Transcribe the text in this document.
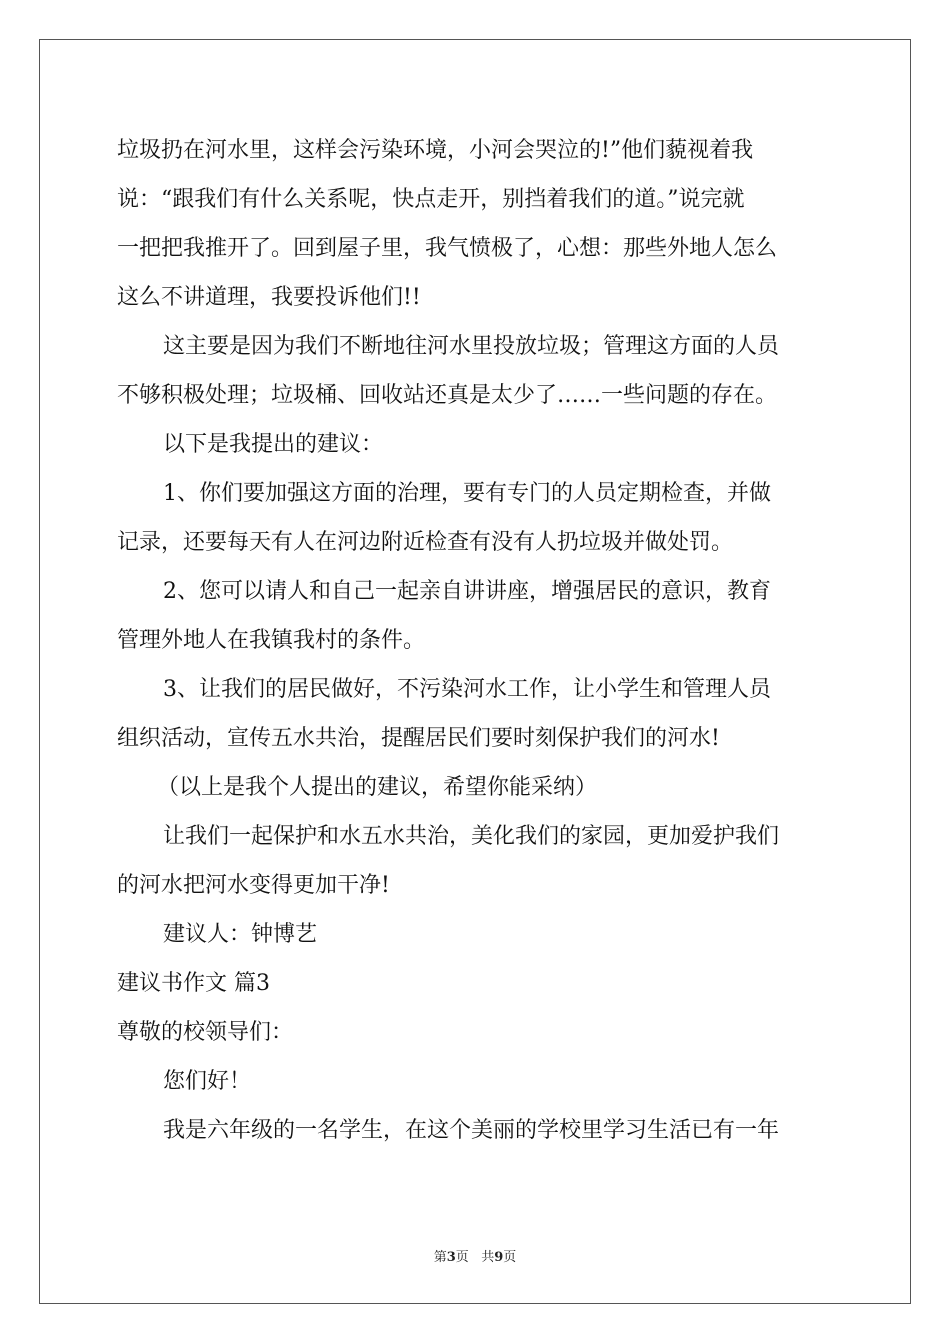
垃圾扔在河水里，这样会污染环境，小河会哭泣的!”他们藐视着我
说：“跟我们有什么关系呢，快点走开，别挡着我们的道。”说完就
一把把我推开了。回到屋子里，我气愤极了，心想：那些外地人怎么
这么不讲道理，我要投诉他们!!
这主要是因为我们不断地往河水里投放垃圾；管理这方面的人员
不够积极处理；垃圾桶、回收站还真是太少了……一些问题的存在。
以下是我提出的建议：
1、你们要加强这方面的治理，要有专门的人员定期检查，并做
记录，还要每天有人在河边附近检查有没有人扔垃圾并做处罚。
2、您可以请人和自己一起亲自讲讲座，增强居民的意识，教育
管理外地人在我镇我村的条件。
3、让我们的居民做好，不污染河水工作，让小学生和管理人员
组织活动，宣传五水共治，提醒居民们要时刻保护我们的河水!
（以上是我个人提出的建议，希望你能采纳）
让我们一起保护和水五水共治，美化我们的家园，更加爱护我们
的河水把河水变得更加干净!
建议人：钟博艺
建议书作文 篇3
尊敬的校领导们：
您们好！
我是六年级的一名学生，在这个美丽的学校里学习生活已有一年
第3页 共9页
